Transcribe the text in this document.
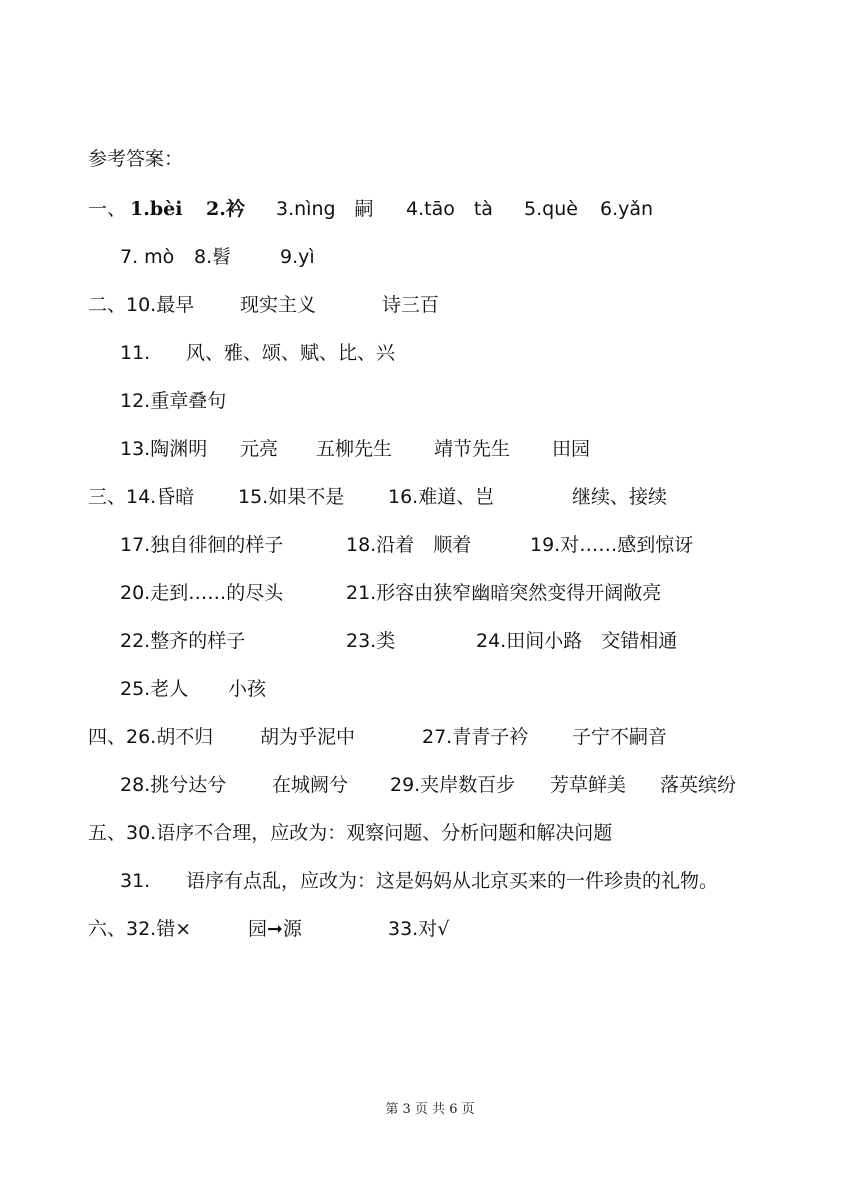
参考答案：
一、 1.bèi 2.衿 3.nìng　嗣 4.tāo　tà 5.què 6.yǎn
7. mò 8.髫	9.yì
二、10.最早 现实主义	诗三百
11. 风、雅、颂、赋、比、兴
12.重章叠句
13.陶渊明 元亮 五柳先生 靖节先生 田园
三、14.昏暗 15.如果不是 16.难道、岂	继续、接续
17.独自徘徊的样子	18.沿着　顺着	19.对……感到惊讶
20.走到……的尽头	21.形容由狭窄幽暗突然变得开阔敞亮
22.整齐的样子	23.类	24.田间小路　交错相通
25.老人 小孩
四、26.胡不归 胡为乎泥中	27.青青子衿 子宁不嗣音
28.挑兮达兮 在城阙兮 29.夹岸数百步 芳草鲜美 落英缤纷
五、30.语序不合理，应改为：观察问题、分析问题和解决问题
31. 语序有点乱，应改为：这是妈妈从北京买来的一件珍贵的礼物。
六、32.错×	园➞源	33.对√
第 3 页 共 6 页
